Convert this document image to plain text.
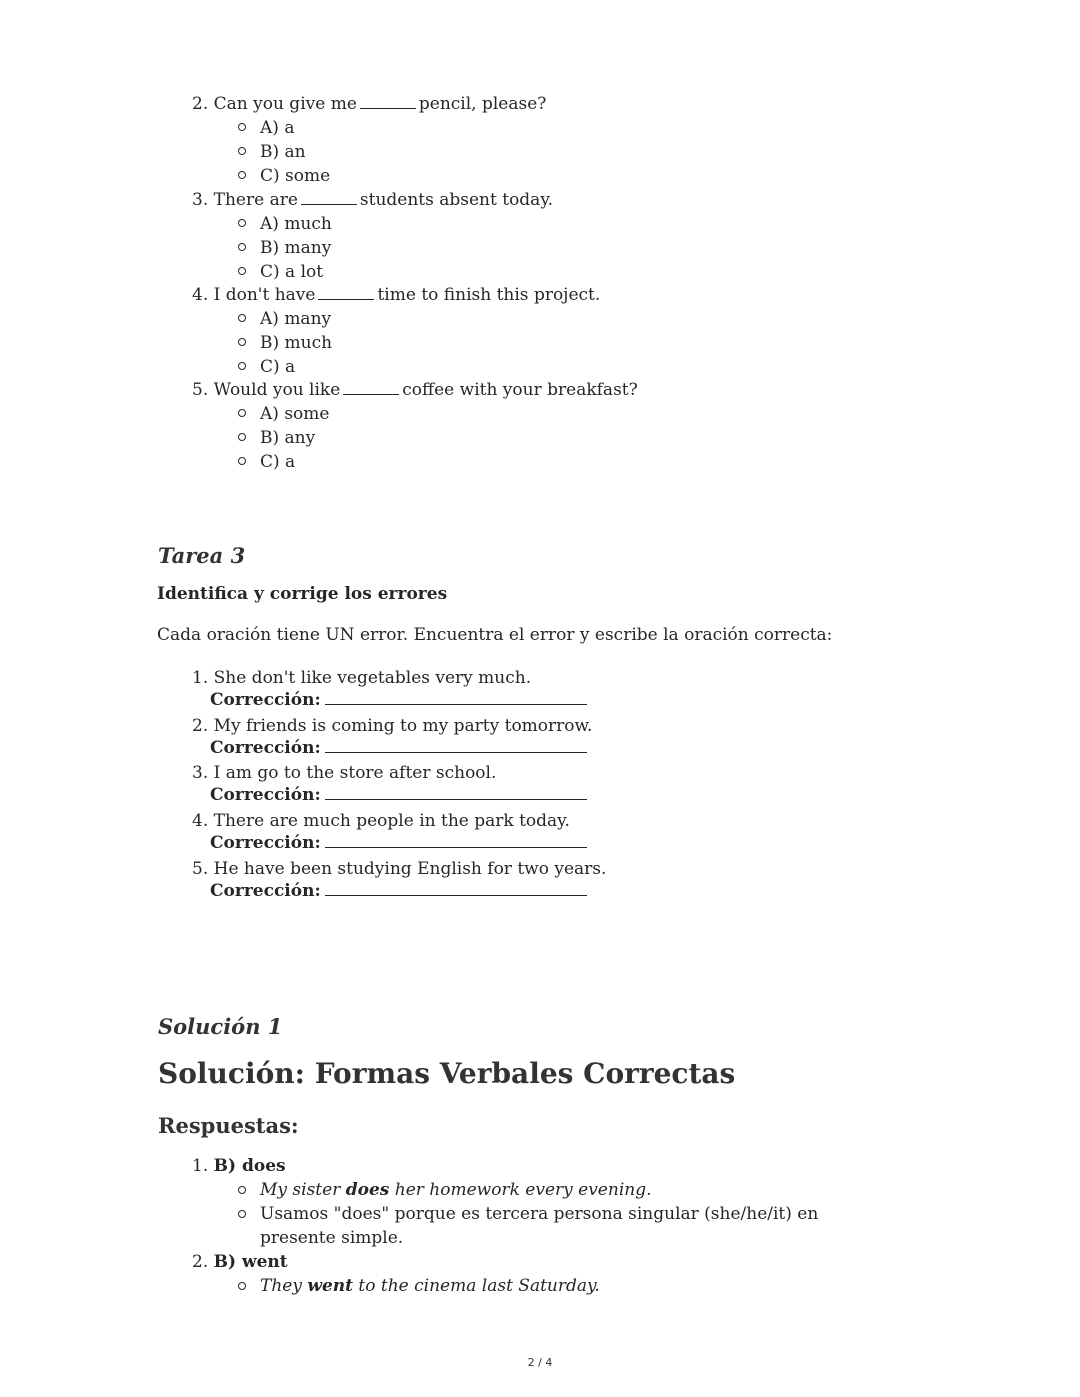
2. Can you give me	pencil, please?
A) a
B) an
C) some
3. There are	students absent today.
A) much
B) many
C) a lot
4. I don't have	time to finish this project.
A) many
B) much
C) a
5. Would you like	coffee with your breakfast?
A) some
B) any
C) a
Tarea 3
Identifica y corrige los errores
Cada oración tiene UN error. Encuentra el error y escribe la oración correcta:
1. She don't like vegetables very much.
Corrección:
2. My friends is coming to my party tomorrow.
Corrección:
3. I am go to the store after school.
Corrección:
4. There are much people in the park today.
Corrección:
5. He have been studying English for two years.
Corrección:
Solución 1
Solución: Formas Verbales Correctas
Respuestas:
1. B) does
My sister does her homework every evening.
Usamos "does" porque es tercera persona singular (she/he/it) en presente simple.
2. B) went
They went to the cinema last Saturday.
2 / 4
